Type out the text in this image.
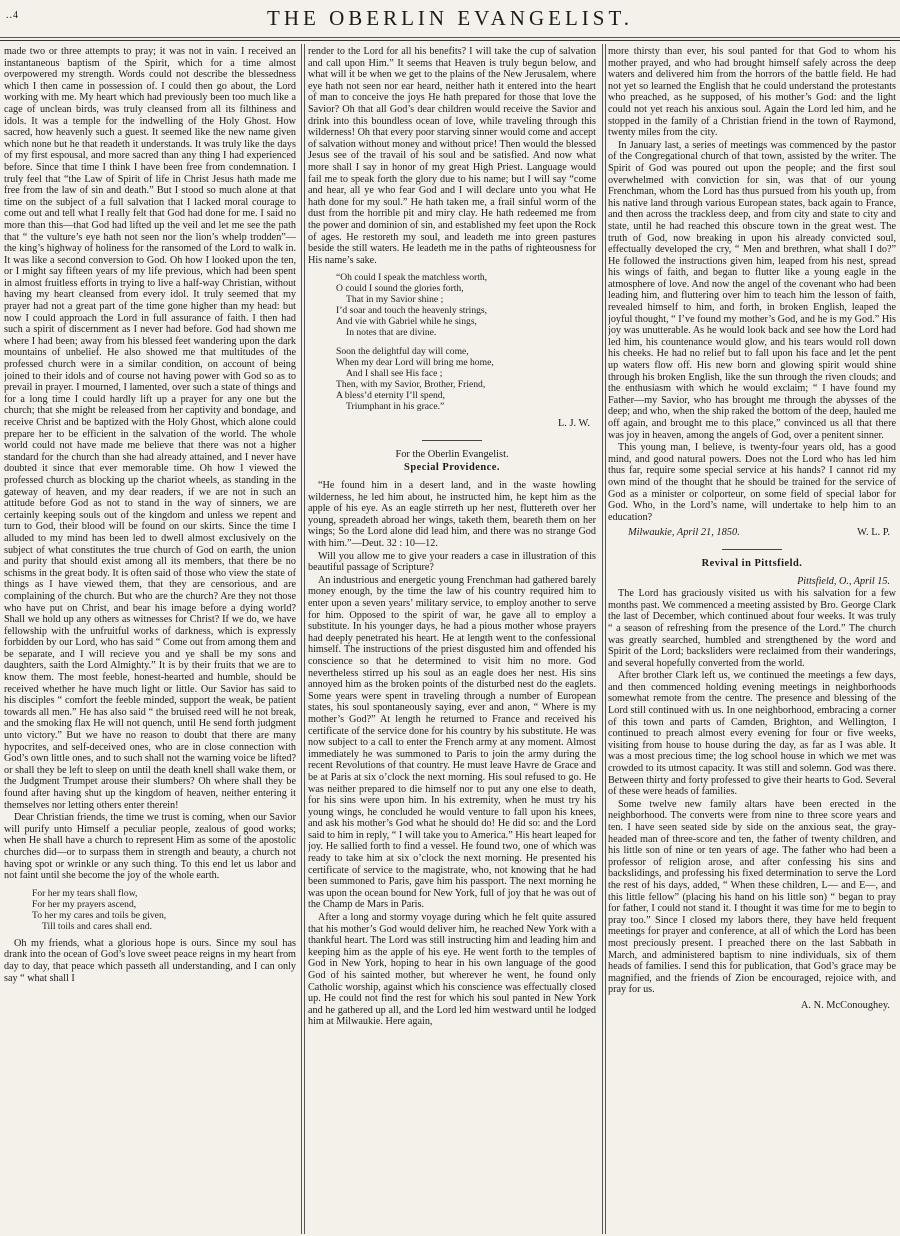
..4	THE OBERLIN EVANGELIST.

made two or three attempts to pray; it was not in vain. I received an instantaneous baptism of the Spirit, which for a time almost overpowered my strength. Words could not describe the blessedness which I then came in possession of. I could then go about, the Lord working with me. My heart which had previously been too much like a cage of unclean birds, was truly cleansed from all its filthiness and idols. It was a temple for the indwelling of the Holy Ghost. How sacred, how heavenly such a guest. It seemed like the new name given which none but he that readeth it understands. It was truly like the days of my first espousal, and more sacred than any thing I had experienced before. Since that time I think I have been free from condemnation. I truly feel that “the Law of Spirit of life in Christ Jesus hath made me free from the law of sin and death.” But I stood so much alone at that time on the subject of a full salvation that I lacked moral courage to come out and tell what I really felt that God had done for me. I said no more than this—that God had lifted up the veil and let me see the path that “ the vulture’s eye hath not seen nor the lion’s whelp trodden”—the king’s highway of holiness for the ransomed of the Lord to walk in. It was like a second conversion to God. Oh how I looked upon the ten, or I might say fifteen years of my life previous, which had been spent in almost fruitless efforts in trying to live a half-way Christian, without having my heart cleansed from every idol. It truly seemed that my prayer had not a great part of the time gone higher than my head: but now I could approach the Lord in full assurance of faith. I then had such a spirit of discernment as I never had before. God had shown me where I had been; away from his blessed feet wandering upon the dark mountains of unbelief. He also showed me that multitudes of the professed church were in a similar condition, on account of being joined to their idols and of course not having power with God so as to prevail in prayer. I mourned, I lamented, over such a state of things and for a long time I could hardly lift up a prayer for any one but the church; that she might be released from her captivity and bondage, and receive Christ and be baptized with the Holy Ghost, which alone could prepare her to be efficient in the salvation of the world. The whole world could not have made me believe that there was not a higher standard for the church than she had already attained, and I never have doubted it since that ever memorable time. Oh how I viewed the professed church as blocking up the chariot wheels, as standing in the gateway of heaven, and my dear readers, if we are not in such an attitude before God as not to stand in the way of sinners, we are certainly keeping souls out of the kingdom and unless we repent and turn to God, their blood will be found on our skirts. Since the time I alluded to my mind has been led to dwell almost exclusively on the subject of what constitutes the true church of God on earth, the union and purity that should exist among all its members, that there be no schisms in the great body. It is often said of those who view the state of things as I have viewed them, that they are censorious, and are complaining of the church. But who are the church? Are they not those who have put on Christ, and bear his image before a dying world? Shall we hold up any others as witnesses for Christ? If we do, we have fellowship with the unfruitful works of darkness, which is expressly forbidden by our Lord, who has said “ Come out from among them and be separate, and I will recieve you and ye shall be my sons and daughters, saith the Lord Almighty.” It is by their fruits that we are to know them. The most feeble, honest-hearted and humble, should be received whether he have much light or little. Our Savior has said to his disciples “ comfort the feeble minded, support the weak, be patient towards all men.” He has also said “ the bruised reed will he not break, and the smoking flax He will not quench, until He send forth judgment unto victory.” But we have no reason to doubt that there are many hypocrites, and self-deceived ones, who are in close connection with God’s own little ones, and to such shall not the warning voice be lifted? or shall they be left to sleep on until the death knell shall wake them, or the Judgment Trumpet arouse their slumbers? Oh where shall they be found after having shut up the kingdom of heaven, neither entering it themselves nor letting others enter therein!

Dear Christian friends, the time we trust is coming, when our Savior will purify unto Himself a peculiar people, zealous of good works; when He shall have a church to represent Him as some of the apostolic churches did—or to surpass them in strength and beauty, a church not having spot or wrinkle or any such thing. To this end let us labor and not faint until she become the joy of the whole earth.

For her my tears shall flow,
For her my prayers ascend,
To her my cares and toils be given,
Till toils and cares shall end.

Oh my friends, what a glorious hope is ours. Since my soul has drank into the ocean of God’s love sweet peace reigns in my heart from day to day, that peace which passeth all understanding, and I can only say “ what shall I

render to the Lord for all his benefits? I will take the cup of salvation and call upon Him.” It seems that Heaven is truly begun below, and what will it be when we get to the plains of the New Jerusalem, where eye hath not seen nor ear heard, neither hath it entered into the heart of man to conceive the joys He hath prepared for those that love the Savior? Oh that all God’s dear children would receive the Savior and drink into this boundless ocean of love, while traveling through this wilderness! Oh that every poor starving sinner would come and accept of salvation without money and without price! Then would the blessed Jesus see of the travail of his soul and be satisfied. And now what more shall I say in honor of my great High Priest. Language would fail me to speak forth the glory due to his name; but I will say “come and hear, all ye who fear God and I will declare unto you what He hath done for my soul.” He hath taken me, a frail sinful worm of the dust from the horrible pit and miry clay. He hath redeemed me from the power and dominion of sin, and established my feet upon the Rock of ages. He restoreth my soul, and leadeth me into green pastures beside the still waters. He leadeth me in the paths of righteousness for His name’s sake.

“Oh could I speak the matchless worth,
O could I sound the glories forth,
That in my Savior shine ;
I’d soar and touch the heavenly strings,
And vie with Gabriel while he sings,
In notes that are divine.
Soon the delightful day will come,
When my dear Lord will bring me home,
And I shall see His face ;
Then, with my Savior, Brother, Friend,
A bless’d eternity I’ll spend,
Triumphant in his grace.”
L. J. W.
For the Oberlin Evangelist.
Special Providence.

“He found him in a desert land, and in the waste howling wilderness, he led him about, he instructed him, he kept him as the apple of his eye. As an eagle stirreth up her nest, fluttereth over her young, spreadeth abroad her wings, taketh them, beareth them on her wings; So the Lord alone did lead him, and there was no strange God with him.”—Deut. 32 : 10—12.

Will you allow me to give your readers a case in illustration of this beautiful passage of Scripture?

An industrious and energetic young Frenchman had gathered barely money enough, by the time the law of his country required him to enter upon a seven years’ military service, to employ another to serve for him. Opposed to the spirit of war, he gave all to employ a substitute. In his younger days, he had a pious mother whose prayers had deeply penetrated his heart. He at length went to the confessional himself. The instructions of the priest disgusted him and offended his conscience so that he determined to visit him no more. God nevertheless stirred up his soul as an eagle does her nest. His sins annoyed him as the broken points of the disturbed nest do the eaglets. Some years were spent in traveling through a number of European states, his soul spontaneously saying, ever and anon, “ Where is my mother’s God?” At length he returned to France and received his certificate of the service done for his country by his substitute. He was now subject to a call to enter the French army at any moment. Almost immediately he was summoned to Paris to join the army during the recent Revolutions of that country. He must leave Havre de Grace and be at Paris at six o’clock the next morning. His soul refused to go. He was neither prepared to die himself nor to put any one else to death, for his sins were upon him. In his extremity, when he must try his young wings, he concluded he would venture to fall upon his knees, and ask his mother’s God what he should do! He did so: and the Lord said to him in reply, “ I will take you to America.” His heart leaped for joy. He sallied forth to find a vessel. He found two, one of which was ready to take him at six o’clock the next morning. He presented his certificate of service to the magistrate, who, not knowing that he had been summoned to Paris, gave him his passport. The next morning he was upon the ocean bound for New York, full of joy that he was out of the Champ de Mars in Paris.

After a long and stormy voyage during which he felt quite assured that his mother’s God would deliver him, he reached New York with a thankful heart. The Lord was still instructing him and leading him and keeping him as the apple of his eye. He went forth to the temples of God in New York, hoping to hear in his own language of the good God of his sainted mother, but wherever he went, he found only Catholic worship, against which his conscience was effectually closed up. He could not find the rest for which his soul panted in New York and he gathered up all, and the Lord led him westward until he lodged him at Milwaukie. Here again,

more thirsty than ever, his soul panted for that God to whom his mother prayed, and who had brought himself safely across the deep waters and delivered him from the horrors of the battle field. He had not yet so learned the English that he could understand the protestants who preached, as he supposed, of his mother’s God: and the light could not yet reach his anxious soul. Again the Lord led him, and he stopped in the family of a Christian friend in the town of Raymond, twenty miles from the city.

In January last, a series of meetings was commenced by the pastor of the Congregational church of that town, assisted by the writer. The Spirit of God was poured out upon the people; and the first soul overwhelmed with conviction for sin, was that of our young Frenchman, whom the Lord has thus pursued from his youth up, from his native land through various European states, back again to France, and then across the trackless deep, and from city and state to city and state, until he had reached this obscure town in the great west. The truth of God, now breaking in upon his already convicted soul, effectually developed the cry, “ Men and brethren, what shall I do?” He followed the instructions given him, leaped from his nest, spread his wings of faith, and began to flutter like a young eagle in the atmosphere of love. And now the angel of the covenant who had been leading him, and fluttering over him to teach him the lesson of faith, revealed himself to him, and forth, in broken English, leaped the joyful thought, “ I’ve found my mother’s God, and he is my God.” His joy was unutterable. As he would look back and see how the Lord had led him, his countenance would glow, and his tears would roll down his cheeks. He had no relief but to fall upon his face and let the pent up waters flow off. His new born and glowing spirit would shine through his broken English, like the sun through the riven clouds; and the enthusiasm with which he would exclaim; “ I have found my Father—my Savior, who has brought me through the abysses of the deep; and who, when the ship raked the bottom of the deep, hauled me off again, and brought me to this place,” convinced us all that there was joy in heaven, among the angels of God, over a penitent sinner.

This young man, I believe, is twenty-four years old, has a good mind, and good natural powers. Does not the Lord who has led him thus far, require some special service at his hands? I cannot rid my own mind of the thought that he should be trained for the service of God as a minister or colporteur, on some field of special labor for God. Who, in the Lord’s name, will undertake to help him to an education?

Milwaukie, April 21, 1850.	W. L. P.
Revival in Pittsfield.
Pittsfield, O., April 15.

The Lord has graciously visited us with his salvation for a few months past. We commenced a meeting assisted by Bro. George Clark the last of December, which continued about four weeks. It was truly “ a season of refreshing from the presence of the Lord.” The church was greatly searched, humbled and strengthened by the word and Spirit of the Lord; backsliders were reclaimed from their wanderings, and several hopefully converted from the world.

After brother Clark left us, we continued the meetings a few days, and then commenced holding evening meetings in neighborhoods somewhat remote from the centre. The presence and blessing of the Lord still continued with us. In one neighborhood, embracing a corner of this town and parts of Camden, Brighton, and Wellington, I continued to preach almost every evening for four or five weeks, visiting from house to house during the day, as far as I was able. It was a most precious time; the log school house in which we met was crowded to its utmost capacity. It was still and solemn. God was there. Between thirty and forty professed to give their hearts to God. Several of these were heads of families.

Some twelve new family altars have been erected in the neighborhood. The converts were from nine to three score years and ten. I have seen seated side by side on the anxious seat, the gray-headed man of three-score and ten, the father of twenty children, and his little son of nine or ten years of age. The father who had been a professor of religion arose, and after confessing his sins and backslidings, and professing his fixed determination to serve the Lord the rest of his days, added, “ When these children, L— and E—, and this little fellow” (placing his hand on his little son) “ began to pray for father, I could not stand it. I thought it was time for me to begin to pray too.” Since I closed my labors there, they have held frequent meetings for prayer and conference, at all of which the Lord has been most preciously present. I preached there on the last Sabbath in March, and administered baptism to nine individuals, six of them heads of families. I send this for publication, that God’s grace may be magnified, and the friends of Zion be encouraged, rejoice with, and pray for us.

A. N. McConoughey.
